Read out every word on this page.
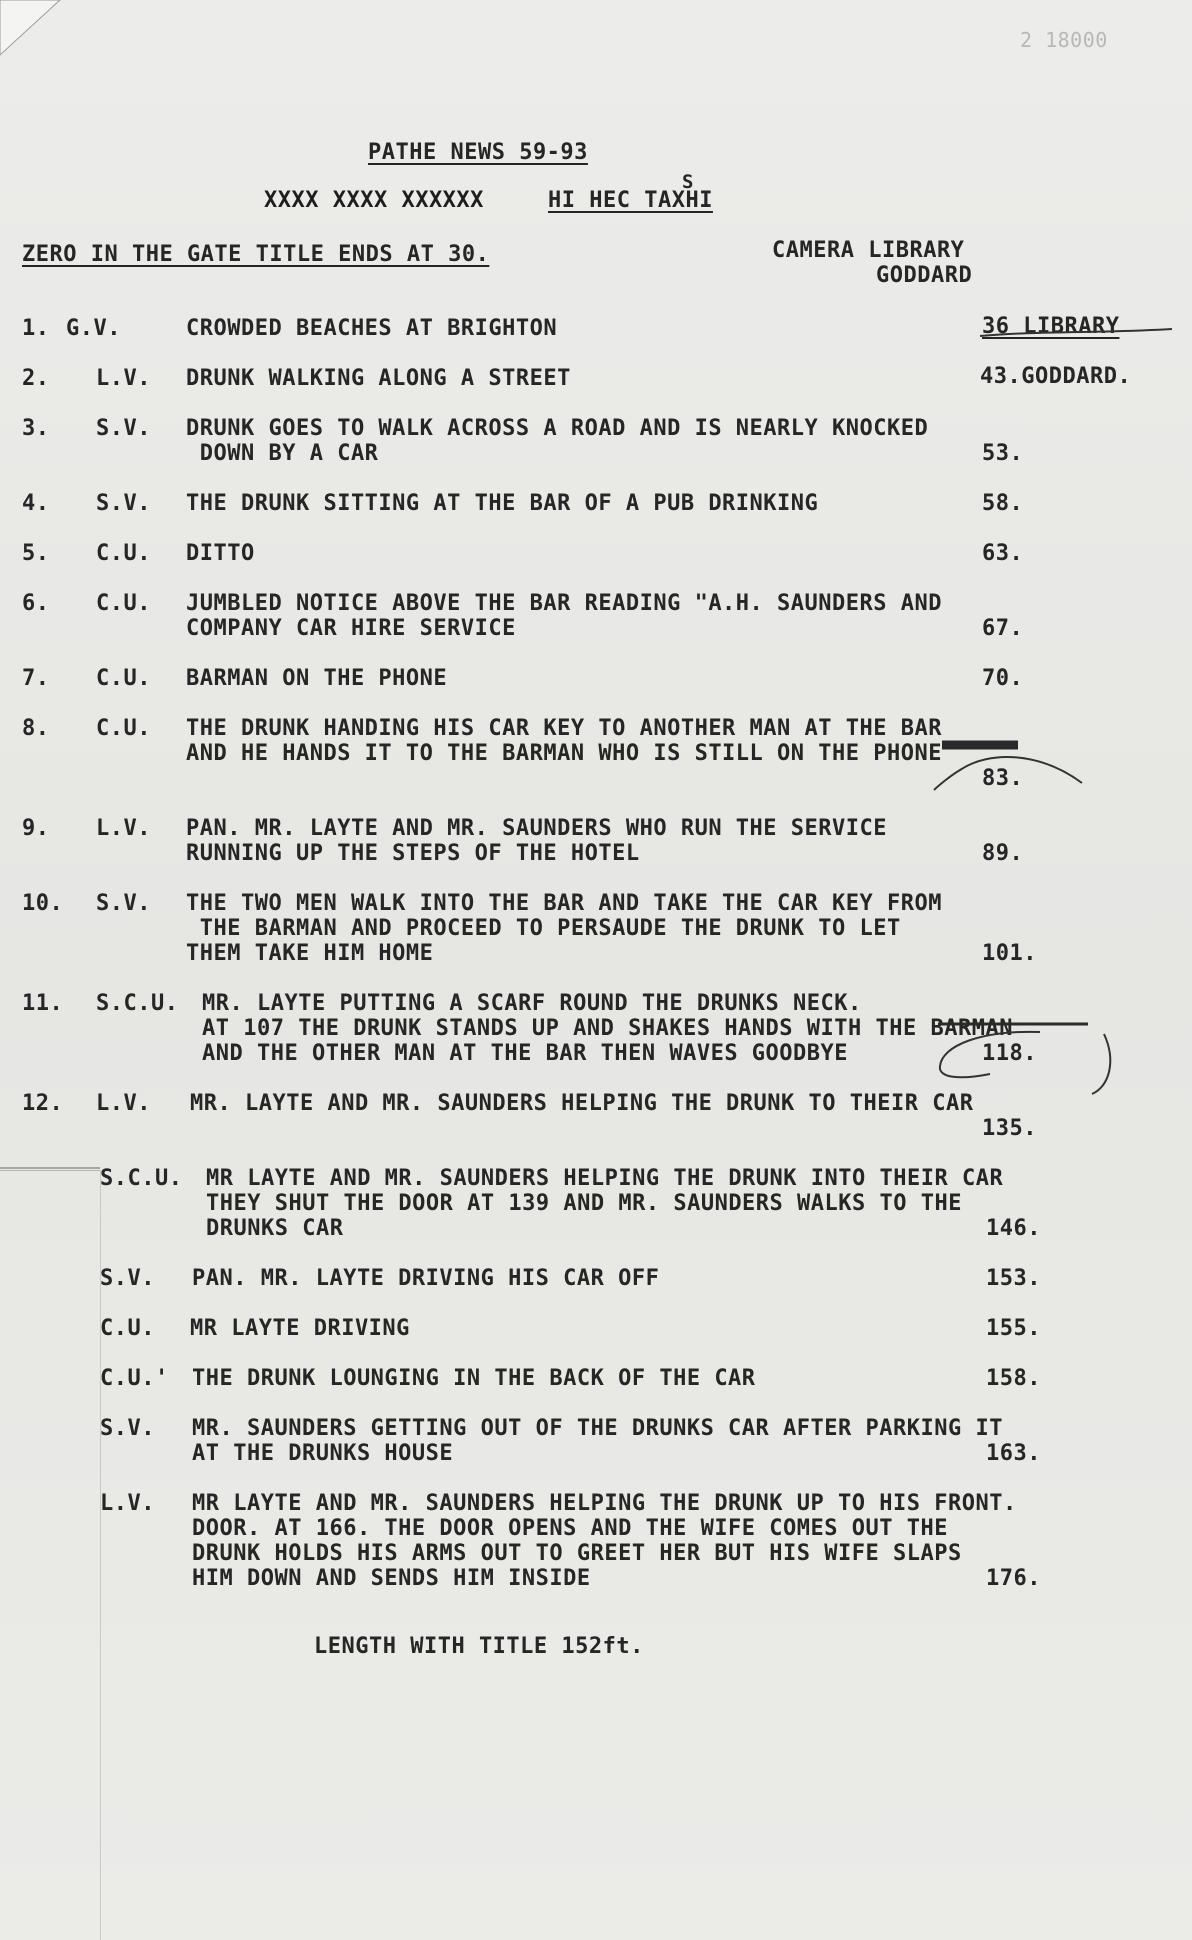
2 18000
PATHE NEWS 59-93
XXXX XXXX XXXXXX	HI HEC TAXHI
S
ZERO IN THE GATE TITLE ENDS AT 30.	CAMERA LIBRARY
GODDARD
1. G.V.	CROWDED BEACHES AT BRIGHTON	36 LIBRARY
2. L.V. DRUNK WALKING ALONG A STREET	43.GODDARD.
3. S.V. DRUNK GOES TO WALK ACROSS A ROAD AND IS NEARLY KNOCKED
DOWN BY A CAR	53.
4. S.V. THE DRUNK SITTING AT THE BAR OF A PUB DRINKING	58.
5. C.U. DITTO	63.
6. C.U. JUMBLED NOTICE ABOVE THE BAR READING "A.H. SAUNDERS AND
COMPANY CAR HIRE SERVICE	67.
7. C.U. BARMAN ON THE PHONE	70.
8. C.U. THE DRUNK HANDING HIS CAR KEY TO ANOTHER MAN AT THE BAR
AND HE HANDS IT TO THE BARMAN WHO IS STILL ON THE PHONE
83.
9. L.V. PAN. MR. LAYTE AND MR. SAUNDERS WHO RUN THE SERVICE
RUNNING UP THE STEPS OF THE HOTEL	89.
10. S.V. THE TWO MEN WALK INTO THE BAR AND TAKE THE CAR KEY FROM
THE BARMAN AND PROCEED TO PERSAUDE THE DRUNK TO LET
THEM TAKE HIM HOME	101.
11. S.C.U. MR. LAYTE PUTTING A SCARF ROUND THE DRUNKS NECK.
AT 107 THE DRUNK STANDS UP AND SHAKES HANDS WITH THE BARMAN
AND THE OTHER MAN AT THE BAR THEN WAVES GOODBYE	118.
12. L.V. MR. LAYTE AND MR. SAUNDERS HELPING THE DRUNK TO THEIR CAR
135.
S.C.U. MR LAYTE AND MR. SAUNDERS HELPING THE DRUNK INTO THEIR CAR
THEY SHUT THE DOOR AT 139 AND MR. SAUNDERS WALKS TO THE
DRUNKS CAR	146.
S.V. PAN. MR. LAYTE DRIVING HIS CAR OFF	153.
C.U. MR LAYTE DRIVING	155.
C.U.' THE DRUNK LOUNGING IN THE BACK OF THE CAR	158.
S.V. MR. SAUNDERS GETTING OUT OF THE DRUNKS CAR AFTER PARKING IT
AT THE DRUNKS HOUSE	163.
L.V. MR LAYTE AND MR. SAUNDERS HELPING THE DRUNK UP TO HIS FRONT.
DOOR. AT 166. THE DOOR OPENS AND THE WIFE COMES OUT THE
DRUNK HOLDS HIS ARMS OUT TO GREET HER BUT HIS WIFE SLAPS
HIM DOWN AND SENDS HIM INSIDE	176.
LENGTH WITH TITLE 152ft.
